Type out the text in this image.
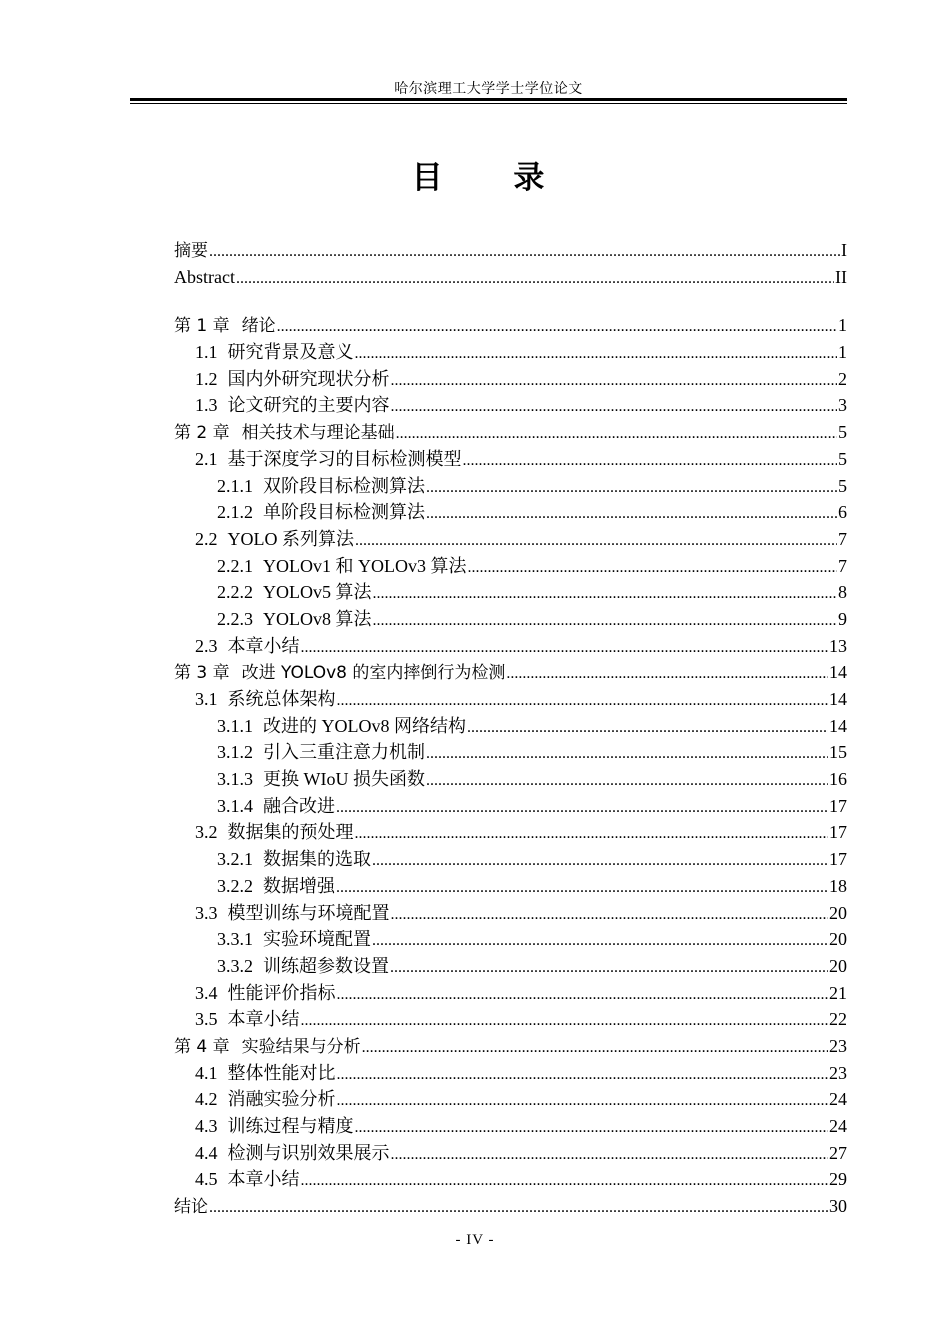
哈尔滨理工大学学士学位论文
目 录
摘要 .....	I
Abstract .....	II
第 1 章 绪论 .....	1
1.1 研究背景及意义 .....	1
1.2 国内外研究现状分析 .....	2
1.3 论文研究的主要内容 .....	3
第 2 章 相关技术与理论基础 .....	5
2.1 基于深度学习的目标检测模型 .....	5
2.1.1 双阶段目标检测算法 .....	5
2.1.2 单阶段目标检测算法 .....	6
2.2 YOLO 系列算法 .....	7
2.2.1 YOLOv1 和 YOLOv3 算法 .....	7
2.2.2 YOLOv5 算法 .....	8
2.2.3 YOLOv8 算法 .....	9
2.3 本章小结 .....	13
第 3 章 改进 YOLOv8 的室内摔倒行为检测 .....	14
3.1 系统总体架构 .....	14
3.1.1 改进的 YOLOv8 网络结构 .....	14
3.1.2 引入三重注意力机制 .....	15
3.1.3 更换 WIoU 损失函数 .....	16
3.1.4 融合改进 .....	17
3.2 数据集的预处理 .....	17
3.2.1 数据集的选取 .....	17
3.2.2 数据增强 .....	18
3.3 模型训练与环境配置 .....	20
3.3.1 实验环境配置 .....	20
3.3.2 训练超参数设置 .....	20
3.4 性能评价指标 .....	21
3.5 本章小结 .....	22
第 4 章 实验结果与分析 .....	23
4.1 整体性能对比 .....	23
4.2 消融实验分析 .....	24
4.3 训练过程与精度 .....	24
4.4 检测与识别效果展示 .....	27
4.5 本章小结 .....	29
结论 .....	30
- IV -
